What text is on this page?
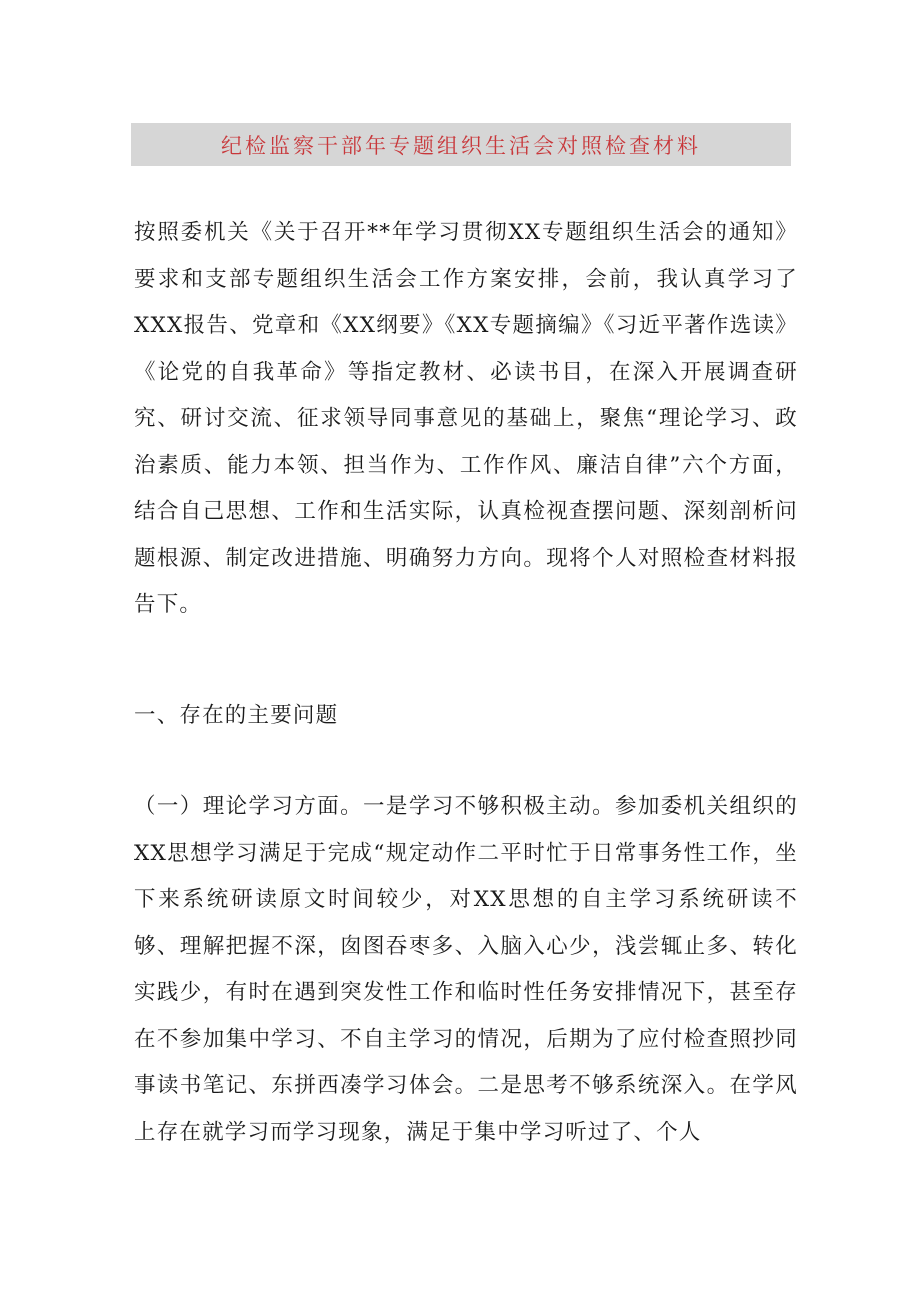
纪检监察干部年专题组织生活会对照检查材料

按照委机关《关于召开**年学习贯彻XX专题组织生活会的通知》要求和支部专题组织生活会工作方案安排，会前，我认真学习了XXX报告、党章和《XX纲要》《XX专题摘编》《习近平著作选读》《论党的自我革命》等指定教材、必读书目，在深入开展调查研究、研讨交流、征求领导同事意见的基础上，聚焦“理论学习、政治素质、能力本领、担当作为、工作作风、廉洁自律”六个方面，结合自己思想、工作和生活实际，认真检视查摆问题、深刻剖析问题根源、制定改进措施、明确努力方向。现将个人对照检查材料报告下。

一、存在的主要问题

（一）理论学习方面。一是学习不够积极主动。参加委机关组织的XX思想学习满足于完成“规定动作二平时忙于日常事务性工作，坐下来系统研读原文时间较少，对XX思想的自主学习系统研读不够、理解把握不深，囱图吞枣多、入脑入心少，浅尝辄止多、转化实践少，有时在遇到突发性工作和临时性任务安排情况下，甚至存在不参加集中学习、不自主学习的情况，后期为了应付检查照抄同事读书笔记、东拼西凑学习体会。二是思考不够系统深入。在学风上存在就学习而学习现象，满足于集中学习听过了、个人
